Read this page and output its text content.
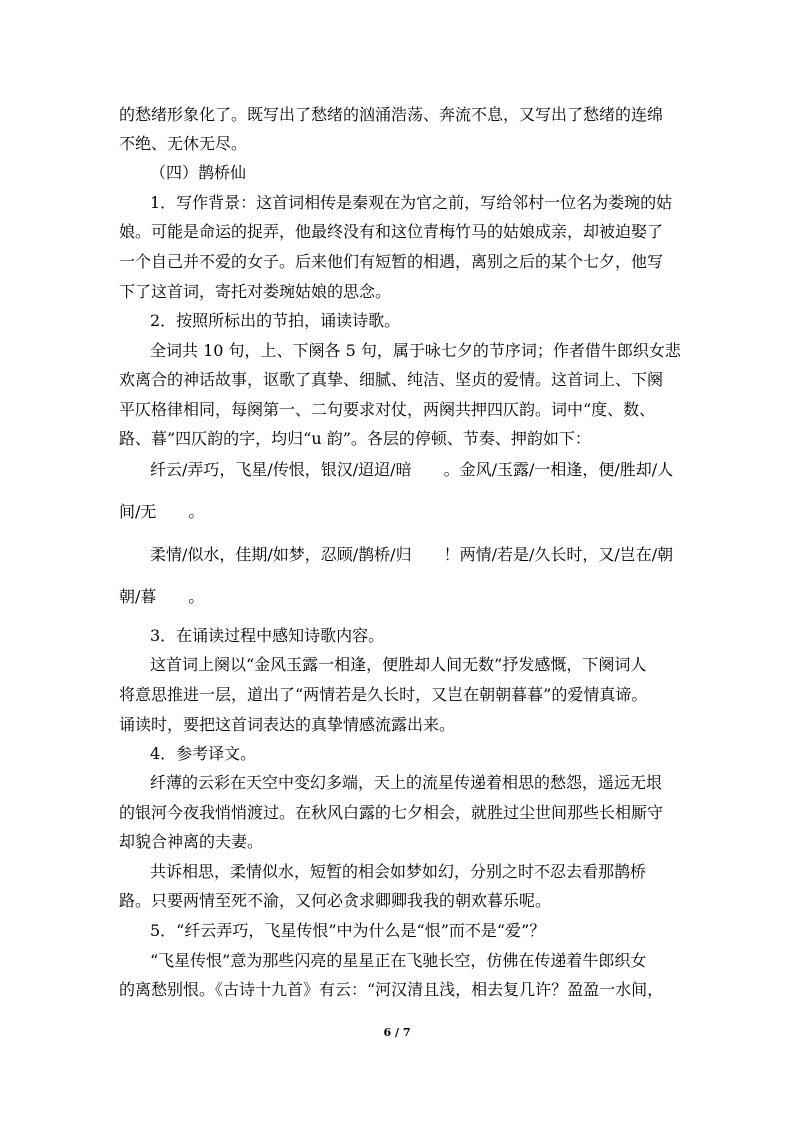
的愁绪形象化了。既写出了愁绪的汹涌浩荡、奔流不息，又写出了愁绪的连绵

不绝、无休无尽。

（四）鹊桥仙

1．写作背景：这首词相传是秦观在为官之前，写给邻村一位名为娄琬的姑

娘。可能是命运的捉弄，他最终没有和这位青梅竹马的姑娘成亲，却被迫娶了

一个自己并不爱的女子。后来他们有短暂的相遇，离别之后的某个七夕，他写

下了这首词，寄托对娄琬姑娘的思念。

2．按照所标出的节拍，诵读诗歌。

全词共 10 句，上、下阕各 5 句，属于咏七夕的节序词；作者借牛郎织女悲

欢离合的神话故事，讴歌了真挚、细腻、纯洁、坚贞的爱情。这首词上、下阕

平仄格律相同，每阕第一、二句要求对仗，两阕共押四仄韵。词中“度、数、

路、暮”四仄韵的字，均归“u 韵”。各层的停顿、节奏、押韵如下：

纤云/弄巧，飞星/传恨，银汉/迢迢/暗　　。金风/玉露/一相逢，便/胜却/人

间/无　　。

柔情/似水，佳期/如梦，忍顾/鹊桥/归　　！两情/若是/久长时，又/岂在/朝

朝/暮　　。

3．在诵读过程中感知诗歌内容。

这首词上阕以“金风玉露一相逢，便胜却人间无数”抒发感慨，下阕词人

将意思推进一层，道出了“两情若是久长时，又岂在朝朝暮暮”的爱情真谛。

诵读时，要把这首词表达的真挚情感流露出来。

4．参考译文。

纤薄的云彩在天空中变幻多端，天上的流星传递着相思的愁怨，遥远无垠

的银河今夜我悄悄渡过。在秋风白露的七夕相会，就胜过尘世间那些长相厮守

却貌合神离的夫妻。

共诉相思，柔情似水，短暂的相会如梦如幻，分别之时不忍去看那鹊桥

路。只要两情至死不渝，又何必贪求卿卿我我的朝欢暮乐呢。

5．“纤云弄巧，飞星传恨”中为什么是“恨”而不是“爱”？

“飞星传恨”意为那些闪亮的星星正在飞驰长空，仿佛在传递着牛郎织女

的离愁别恨。《古诗十九首》有云：“河汉清且浅，相去复几许？盈盈一水间，

6 / 7
